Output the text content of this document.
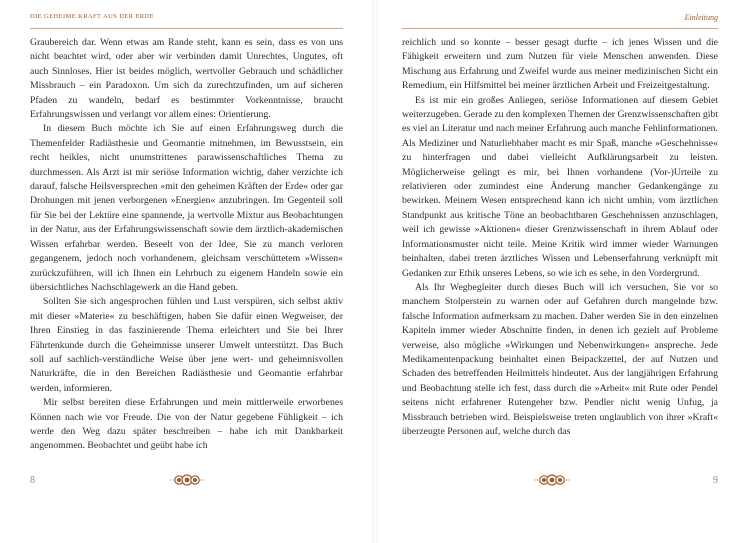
DIE GEHEIME KRAFT AUS DER ERDE

Graubereich dar. Wenn etwas am Rande steht, kann es sein, dass es von uns nicht beachtet wird, oder aber wir verbinden damit Unrechtes, Ungutes, oft auch Sinnloses. Hier ist beides möglich, wertvoller Gebrauch und schädlicher Missbrauch – ein Paradoxon. Um sich da zurechtzufinden, um auf sicheren Pfaden zu wandeln, bedarf es bestimmter Vorkenntnisse, braucht Erfahrungswissen und verlangt vor allem eines: Orientierung.

In diesem Buch möchte ich Sie auf einen Erfahrungsweg durch die Themenfelder Radiästhesie und Geomantie mitnehmen, im Bewusstsein, ein recht heikles, nicht unumstrittenes parawissenschaftliches Thema zu durchmessen. Als Arzt ist mir seriöse Information wichtig, daher verzichte ich darauf, falsche Heilsversprechen »mit den geheimen Kräften der Erde« oder gar Drohungen mit jenen verborgenen »Energien« anzubringen. Im Gegenteil soll für Sie bei der Lektüre eine spannende, ja wertvolle Mixtur aus Beobachtungen in der Natur, aus der Erfahrungswissenschaft sowie dem ärztlich-akademischen Wissen erfahrbar werden. Beseelt von der Idee, Sie zu manch verloren gegangenem, jedoch noch vorhandenem, gleichsam verschüttetem »Wissen« zurückzuführen, will ich Ihnen ein Lehrbuch zu eigenem Handeln sowie ein übersichtliches Nachschlagewerk an die Hand geben.

Sollten Sie sich angesprochen fühlen und Lust verspüren, sich selbst aktiv mit dieser »Materie« zu beschäftigen, haben Sie dafür einen Wegweiser, der Ihren Einstieg in das faszinierende Thema erleichtert und Sie bei Ihrer Fährtenkunde durch die Geheimnisse unserer Umwelt unterstützt. Das Buch soll auf sachlich-verständliche Weise über jene wert- und geheimnisvollen Naturkräfte, die in den Bereichen Radiästhesie und Geomantie erfahrbar werden, informieren.

Mir selbst bereiten diese Erfahrungen und mein mittlerweile erworbenes Können nach wie vor Freude. Die von der Natur gegebene Fühligkeit – ich werde den Weg dazu später beschreiben – habe ich mit Dankbarkeit angenommen. Beobachtet und geübt habe ich

8
Einleitung

reichlich und so konnte – besser gesagt durfte – ich jenes Wissen und die Fähigkeit erweitern und zum Nutzen für viele Menschen anwenden. Diese Mischung aus Erfahrung und Zweifel wurde aus meiner medizinischen Sicht ein Remedium, ein Hilfsmittel bei meiner ärztlichen Arbeit und Freizeitgestaltung.

Es ist mir ein großes Anliegen, seriöse Informationen auf diesem Gebiet weiterzugeben. Gerade zu den komplexen Themen der Grenzwissenschaften gibt es viel an Literatur und nach meiner Erfahrung auch manche Fehlinformationen. Als Mediziner und Naturliebhaber macht es mir Spaß, manche »Geschehnisse« zu hinterfragen und dabei vielleicht Aufklärungsarbeit zu leisten. Möglicherweise gelingt es mir, bei Ihnen vorhandene (Vor-)Urteile zu relativieren oder zumindest eine Änderung mancher Gedankengänge zu bewirken. Meinem Wesen entsprechend kann ich nicht umhin, vom ärztlichen Standpunkt aus kritische Töne an beobachtbaren Geschehnissen anzuschlagen, weil ich gewisse »Aktionen« dieser Grenzwissenschaft in ihrem Ablauf oder Informationsmuster nicht teile. Meine Kritik wird immer wieder Warnungen beinhalten, dabei treten ärztliches Wissen und Lebenserfahrung verknüpft mit Gedanken zur Ethik unseres Lebens, so wie ich es sehe, in den Vordergrund.

Als Ihr Wegbegleiter durch dieses Buch will ich versuchen, Sie vor so manchem Stolperstein zu warnen oder auf Gefahren durch mangelnde bzw. falsche Information aufmerksam zu machen. Daher werden Sie in den einzelnen Kapiteln immer wieder Abschnitte finden, in denen ich gezielt auf Probleme verweise, also mögliche »Wirkungen und Nebenwirkungen« anspreche. Jede Medikamentenpackung beinhaltet einen Beipackzettel, der auf Nutzen und Schaden des betreffenden Heilmittels hindeutet. Aus der langjährigen Erfahrung und Beobachtung stelle ich fest, dass durch die »Arbeit« mit Rute oder Pendel seitens nicht erfahrener Rutengeher bzw. Pendler nicht wenig Unfug, ja Missbrauch betrieben wird. Beispielsweise treten unglaublich von ihrer »Kraft« überzeugte Personen auf, welche durch das

9
